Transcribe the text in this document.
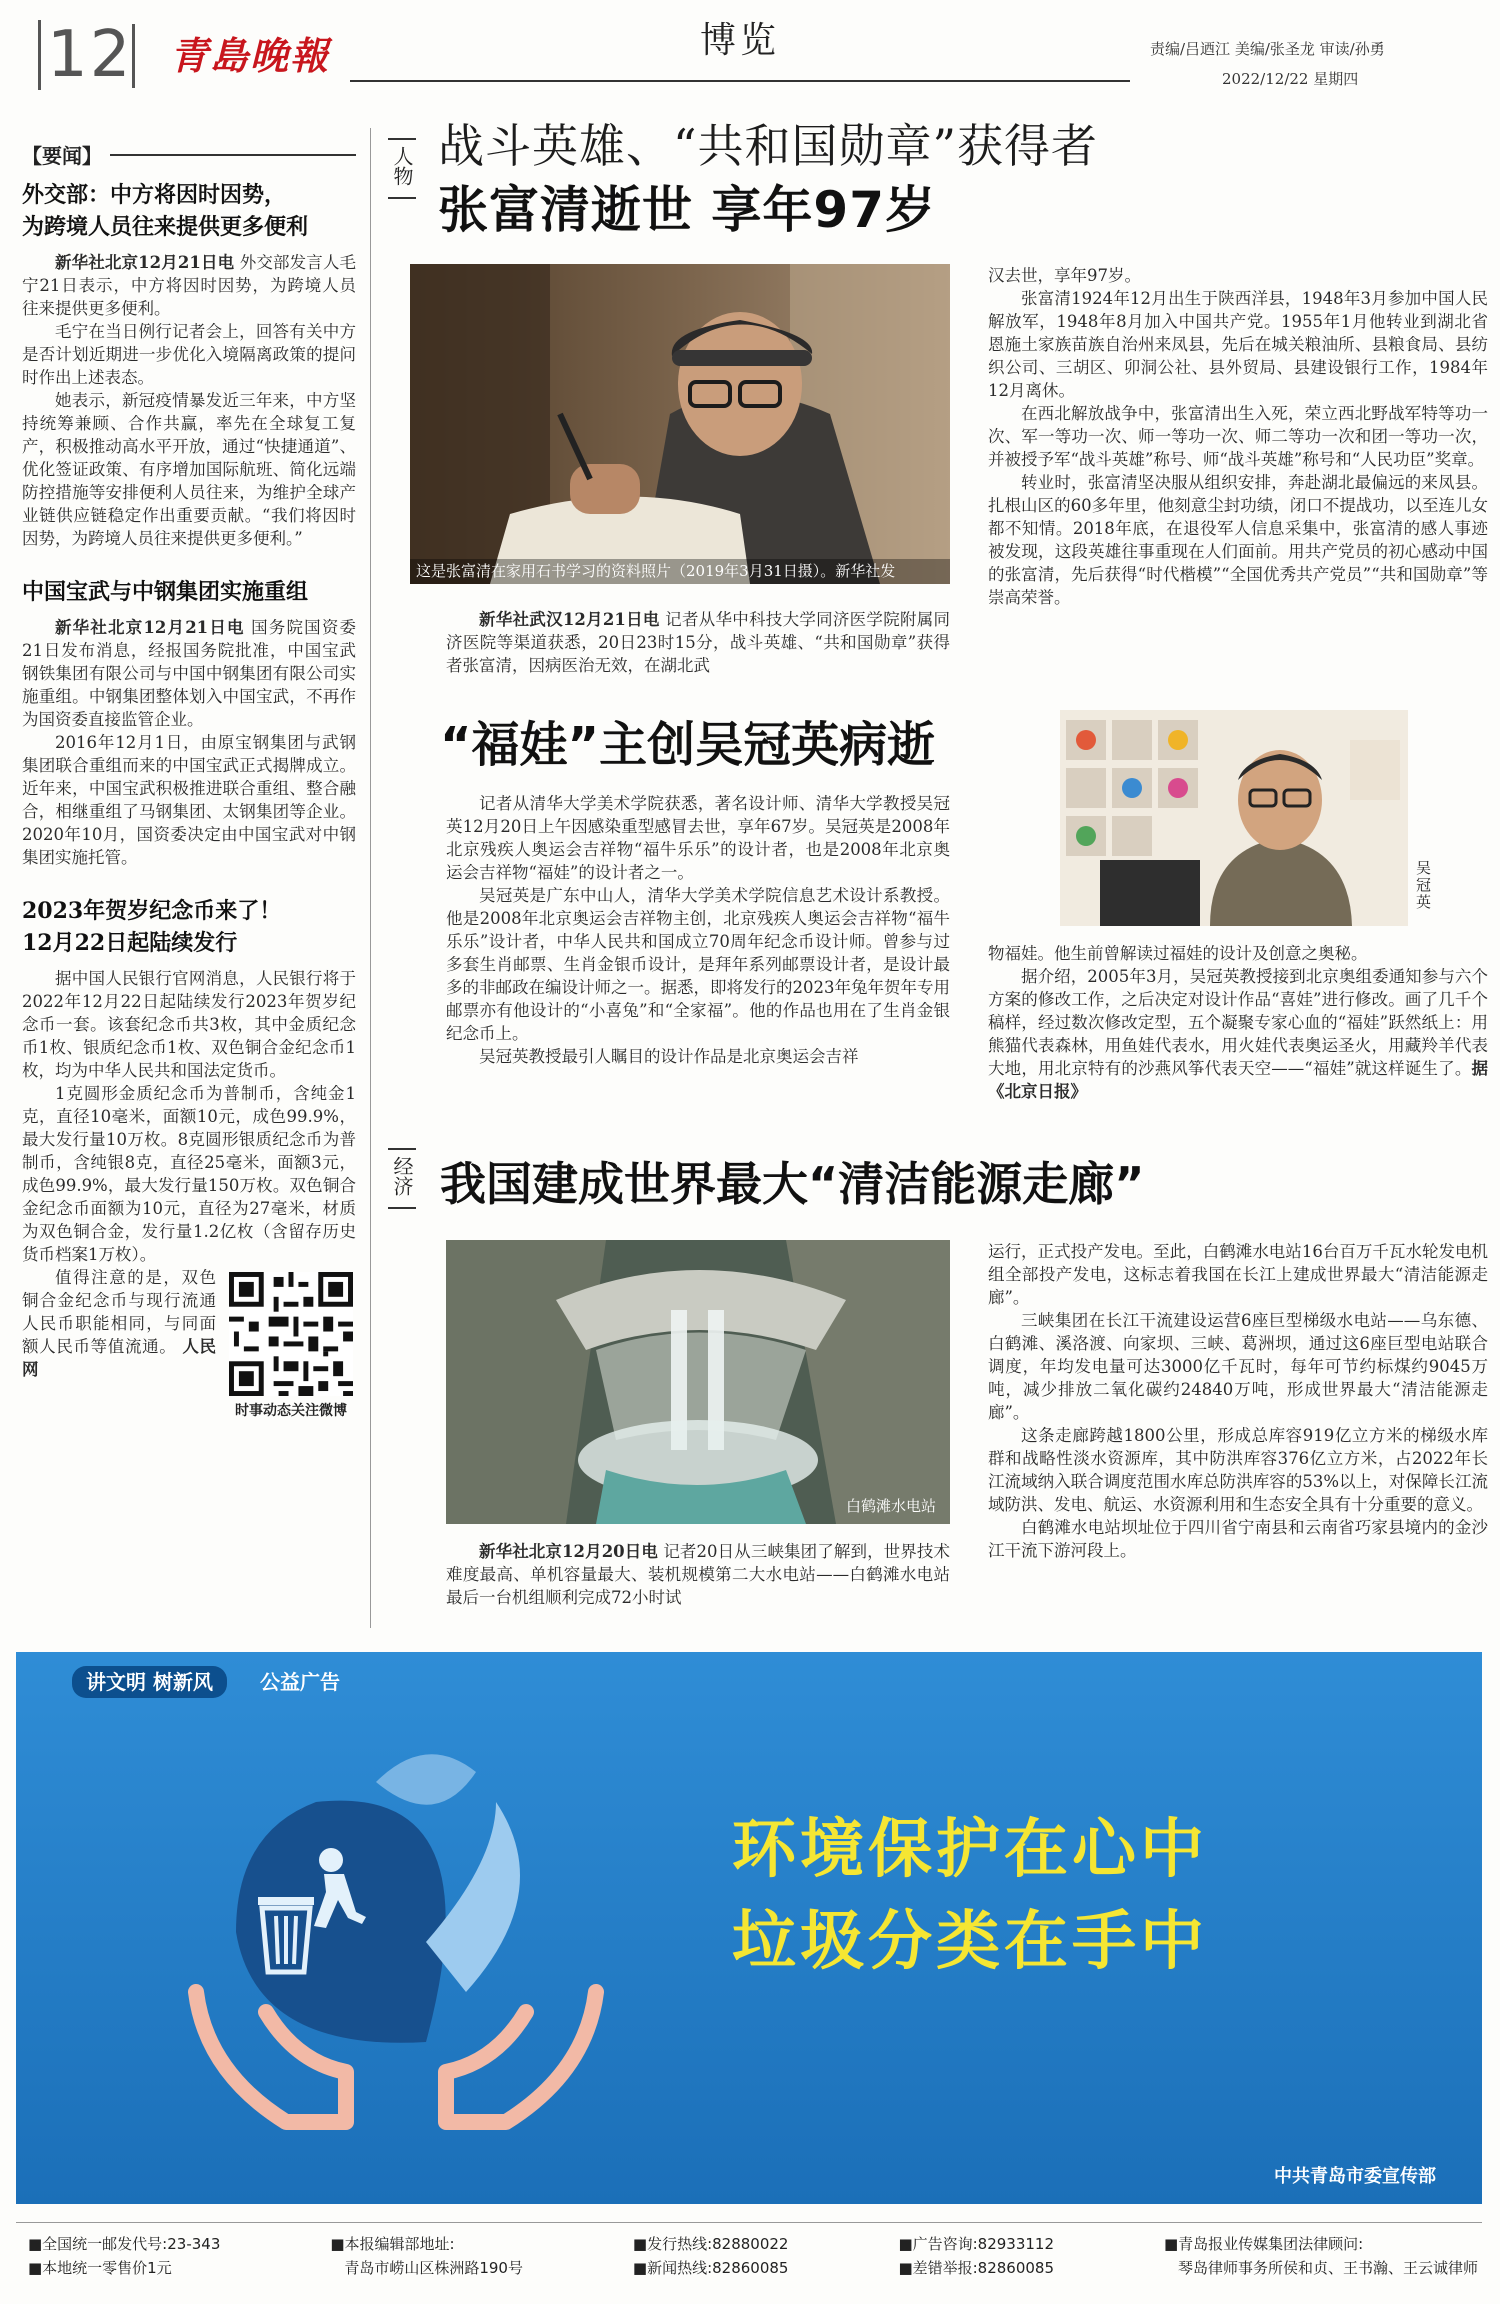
12 青島晚報	博览	责编/吕迺江 美编/张圣龙 审读/孙勇
2022/12/22 星期四
【要闻】

外交部：中方将因时因势，
为跨境人员往来提供更多便利

新华社北京12月21日电 外交部发言人毛宁21日表示，中方将因时因势，为跨境人员往来提供更多便利。

毛宁在当日例行记者会上，回答有关中方是否计划近期进一步优化入境隔离政策的提问时作出上述表态。

她表示，新冠疫情暴发近三年来，中方坚持统筹兼顾、合作共赢，率先在全球复工复产，积极推动高水平开放，通过“快捷通道”、优化签证政策、有序增加国际航班、简化远端防控措施等安排便利人员往来，为维护全球产业链供应链稳定作出重要贡献。“我们将因时因势，为跨境人员往来提供更多便利。”

中国宝武与中钢集团实施重组

新华社北京12月21日电 国务院国资委21日发布消息，经报国务院批准，中国宝武钢铁集团有限公司与中国中钢集团有限公司实施重组。中钢集团整体划入中国宝武，不再作为国资委直接监管企业。

2016年12月1日，由原宝钢集团与武钢集团联合重组而来的中国宝武正式揭牌成立。近年来，中国宝武积极推进联合重组、整合融合，相继重组了马钢集团、太钢集团等企业。2020年10月，国资委决定由中国宝武对中钢集团实施托管。

2023年贺岁纪念币来了！
12月22日起陆续发行

据中国人民银行官网消息，人民银行将于2022年12月22日起陆续发行2023年贺岁纪念币一套。该套纪念币共3枚，其中金质纪念币1枚、银质纪念币1枚、双色铜合金纪念币1枚，均为中华人民共和国法定货币。

1克圆形金质纪念币为普制币，含纯金1克，直径10毫米，面额10元，成色99.9%，最大发行量10万枚。8克圆形银质纪念币为普制币，含纯银8克，直径25毫米，面额3元，成色99.9%，最大发行量150万枚。双色铜合金纪念币面额为10元，直径为27毫米，材质为双色铜合金，发行量1.2亿枚（含留存历史货币档案1万枚）。

值得注意的是，双色铜合金纪念币与现行流通人民币职能相同，与同面额人民币等值流通。 人民网

时事动态关注微博
人物 战斗英雄、“共和国勋章”获得者
张富清逝世 享年97岁
这是张富清在家用石书学习的资料照片（2019年3月31日摄）。新华社发

新华社武汉12月21日电 记者从华中科技大学同济医学院附属同济医院等渠道获悉，20日23时15分，战斗英雄、“共和国勋章”获得者张富清，因病医治无效，在湖北武

汉去世，享年97岁。

张富清1924年12月出生于陕西洋县，1948年3月参加中国人民解放军，1948年8月加入中国共产党。1955年1月他转业到湖北省恩施土家族苗族自治州来凤县，先后在城关粮油所、县粮食局、县纺织公司、三胡区、卯洞公社、县外贸局、县建设银行工作，1984年12月离休。

在西北解放战争中，张富清出生入死，荣立西北野战军特等功一次、军一等功一次、师一等功一次、师二等功一次和团一等功一次，并被授予军“战斗英雄”称号、师“战斗英雄”称号和“人民功臣”奖章。

转业时，张富清坚决服从组织安排，奔赴湖北最偏远的来凤县。扎根山区的60多年里，他刻意尘封功绩，闭口不提战功，以至连儿女都不知情。2018年底，在退役军人信息采集中，张富清的感人事迹被发现，这段英雄往事重现在人们面前。用共产党员的初心感动中国的张富清，先后获得“时代楷模”“全国优秀共产党员”“共和国勋章”等崇高荣誉。

“福娃”主创吴冠英病逝
吴冠英

记者从清华大学美术学院获悉，著名设计师、清华大学教授吴冠英12月20日上午因感染重型感冒去世，享年67岁。吴冠英是2008年北京残疾人奥运会吉祥物“福牛乐乐”的设计者，也是2008年北京奥运会吉祥物“福娃”的设计者之一。

吴冠英是广东中山人，清华大学美术学院信息艺术设计系教授。他是2008年北京奥运会吉祥物主创，北京残疾人奥运会吉祥物“福牛乐乐”设计者，中华人民共和国成立70周年纪念币设计师。曾参与过多套生肖邮票、生肖金银币设计，是拜年系列邮票设计者，是设计最多的非邮政在编设计师之一。据悉，即将发行的2023年兔年贺年专用邮票亦有他设计的“小喜兔”和“全家福”。他的作品也用在了生肖金银纪念币上。

吴冠英教授最引人瞩目的设计作品是北京奥运会吉祥

物福娃。他生前曾解读过福娃的设计及创意之奥秘。

据介绍，2005年3月，吴冠英教授接到北京奥组委通知参与六个方案的修改工作，之后决定对设计作品“喜娃”进行修改。画了几千个稿样，经过数次修改定型，五个凝聚专家心血的“福娃”跃然纸上：用熊猫代表森林，用鱼娃代表水，用火娃代表奥运圣火，用藏羚羊代表大地，用北京特有的沙燕风筝代表天空——“福娃”就这样诞生了。据《北京日报》

经济 我国建成世界最大“清洁能源走廊”
白鹤滩水电站

新华社北京12月20日电 记者20日从三峡集团了解到，世界技术难度最高、单机容量最大、装机规模第二大水电站——白鹤滩水电站最后一台机组顺利完成72小时试

运行，正式投产发电。至此，白鹤滩水电站16台百万千瓦水轮发电机组全部投产发电，这标志着我国在长江上建成世界最大“清洁能源走廊”。

三峡集团在长江干流建设运营6座巨型梯级水电站——乌东德、白鹤滩、溪洛渡、向家坝、三峡、葛洲坝，通过这6座巨型电站联合调度，年均发电量可达3000亿千瓦时，每年可节约标煤约9045万吨，减少排放二氧化碳约24840万吨，形成世界最大“清洁能源走廊”。

这条走廊跨越1800公里，形成总库容919亿立方米的梯级水库群和战略性淡水资源库，其中防洪库容376亿立方米，占2022年长江流域纳入联合调度范围水库总防洪库容的53%以上，对保障长江流域防洪、发电、航运、水资源利用和生态安全具有十分重要的意义。

白鹤滩水电站坝址位于四川省宁南县和云南省巧家县境内的金沙江干流下游河段上。

讲文明 树新风	公益广告
环境保护在心中
垃圾分类在手中
中共青岛市委宣传部
■全国统一邮发代号:23-343
■本地统一零售价1元
■本报编辑部地址:
青岛市崂山区株洲路190号
■发行热线:82880022
■新闻热线:82860085
■广告咨询:82933112
■差错举报:82860085
■青岛报业传媒集团法律顾问:
琴岛律师事务所侯和贞、王书瀚、王云诚律师
